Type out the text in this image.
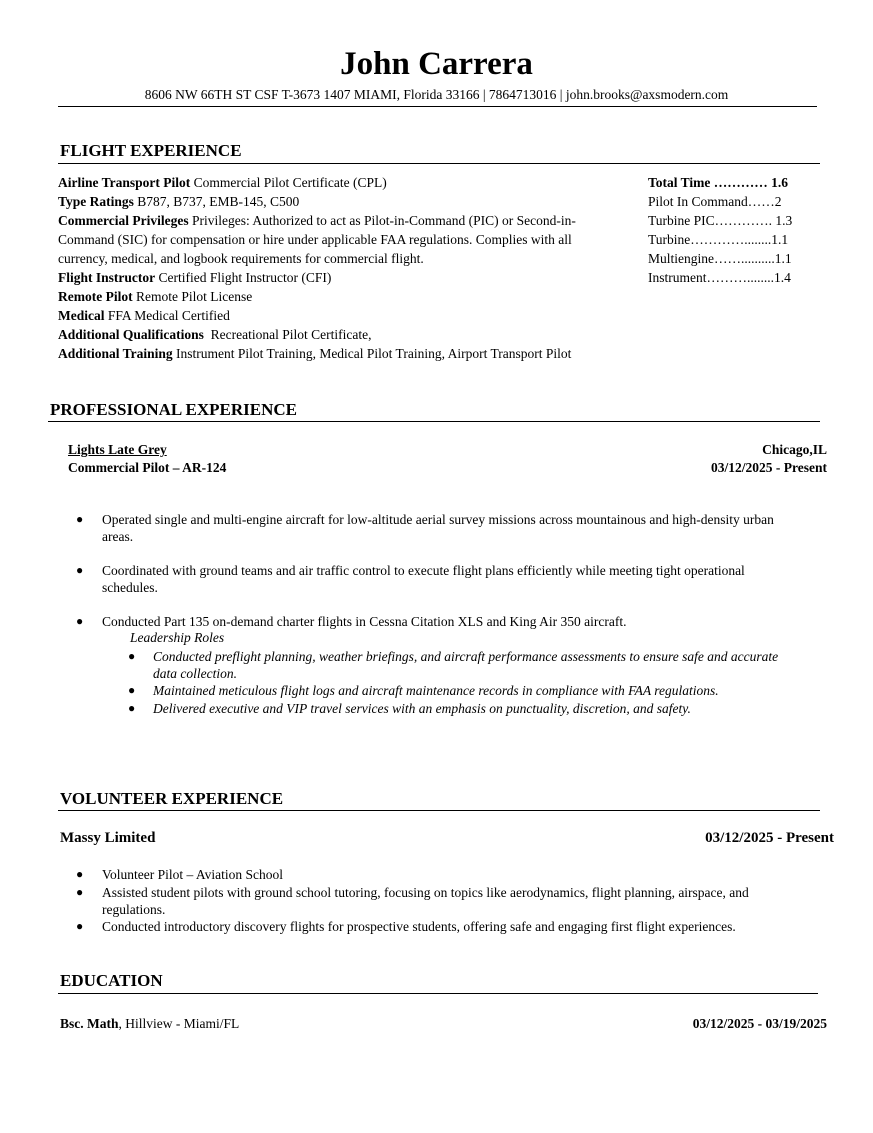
John Carrera
8606 NW 66TH ST CSF T-3673 1407 MIAMI, Florida 33166 | 7864713016 | john.brooks@axsmodern.com
FLIGHT EXPERIENCE
Airline Transport Pilot Commercial Pilot Certificate (CPL)
Type Ratings B787, B737, EMB-145, C500
Commercial Privileges Privileges: Authorized to act as Pilot-in-Command (PIC) or Second-in-
Command (SIC) for compensation or hire under applicable FAA regulations. Complies with all
currency, medical, and logbook requirements for commercial flight.
Flight Instructor Certified Flight Instructor (CFI)
Remote Pilot Remote Pilot License
Medical FFA Medical Certified
Additional Qualifications  Recreational Pilot Certificate,
Additional Training Instrument Pilot Training, Medical Pilot Training, Airport Transport Pilot
Total Time ………… 1.6
Pilot In Command……2
Turbine PIC…………. 1.3
Turbine…………........1.1
Multiengine……..........1.1
Instrument………........1.4
PROFESSIONAL EXPERIENCE
Lights Late Grey	Chicago,IL
Commercial Pilot – AR-124	03/12/2025 - Present
● Operated single and multi-engine aircraft for low-altitude aerial survey missions across mountainous and high-density urban
areas.
● Coordinated with ground teams and air traffic control to execute flight plans efficiently while meeting tight operational
schedules.
● Conducted Part 135 on-demand charter flights in Cessna Citation XLS and King Air 350 aircraft.
Leadership Roles
● Conducted preflight planning, weather briefings, and aircraft performance assessments to ensure safe and accurate
data collection.
● Maintained meticulous flight logs and aircraft maintenance records in compliance with FAA regulations.
● Delivered executive and VIP travel services with an emphasis on punctuality, discretion, and safety.
VOLUNTEER EXPERIENCE
Massy Limited	03/12/2025 - Present
● Volunteer Pilot – Aviation School
● Assisted student pilots with ground school tutoring, focusing on topics like aerodynamics, flight planning, airspace, and
regulations.
● Conducted introductory discovery flights for prospective students, offering safe and engaging first flight experiences.
EDUCATION
Bsc. Math, Hillview - Miami/FL	03/12/2025 - 03/19/2025
